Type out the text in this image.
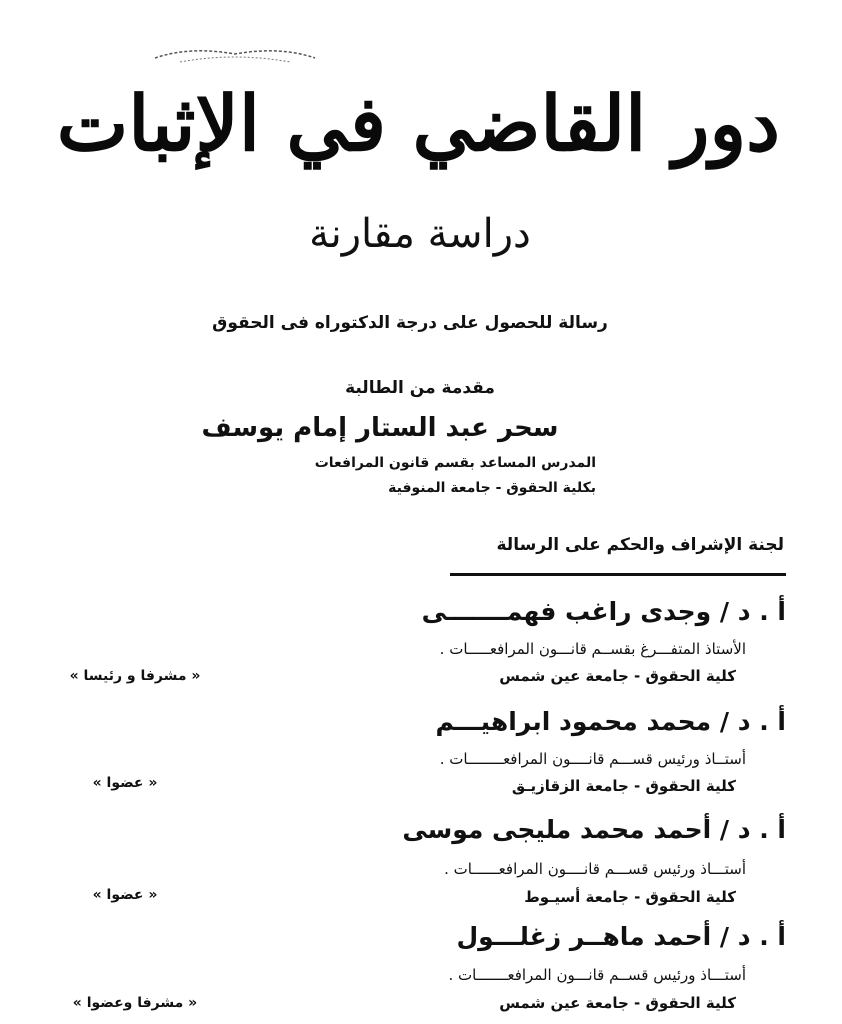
دور القاضي في الإثبات
دراسة مقارنة
رسالة للحصول على درجة الدكتوراه فى الحقوق
مقدمة من الطالبة
سحر عبد الستار إمام يوسف
المدرس المساعد بقسم قانون المرافعات
بكلية الحقوق - جامعة المنوفية
لجنة الإشراف والحكم على الرسالة
أ . د / وجدى راغب فهمـــــــى
الأستاذ المتفـــرغ بقســم قانـــون المرافعـــــات .
كلية الحقوق - جامعة عين شمس
« مشرفا و رئيسا »
أ . د / محمد محمود ابراهيـــم
أستــاذ ورئيس قســـم قانــــون المرافعــــــــات .
كلية الحقوق - جامعة الزقازيـق
« عضوا »
أ . د / أحمد محمد مليجى موسى
أستـــاذ ورئيس قســـم قانــــون المرافعــــــات .
كلية الحقوق - جامعة أسيـوط
« عضوا »
أ . د / أحمد ماهــر زغلـــول
أستـــاذ ورئيس قســم قانـــون المرافعـــــــات .
كلية الحقوق - جامعة عين شمس
« مشرفا وعضوا »
